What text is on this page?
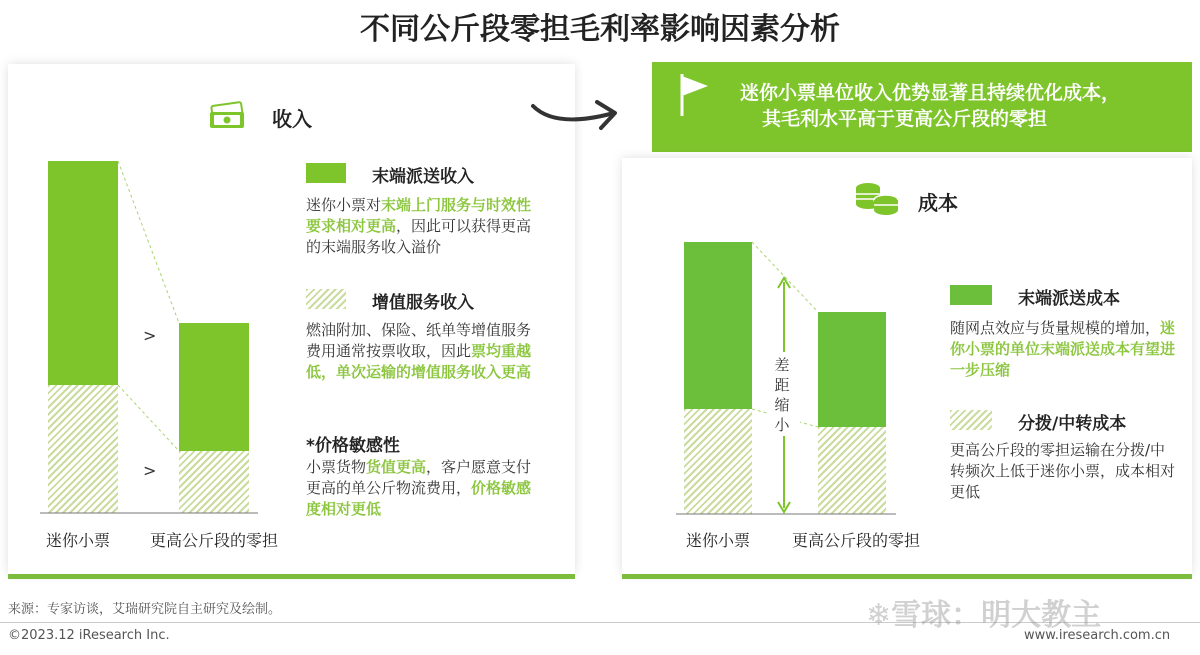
不同公斤段零担毛利率影响因素分析
收入
>
>
迷你小票 更高公斤段的零担
末端派送收入
迷你小票对末端上门服务与时效性要求相对更高，因此可以获得更高的末端服务收入溢价
增值服务收入
燃油附加、保险、纸单等增值服务费用通常按票收取，因此票均重越低，单次运输的增值服务收入更高
*价格敏感性
小票货物货值更高，客户愿意支付更高的单公斤物流费用，价格敏感度相对更低
迷你小票单位收入优势显著且持续优化成本，
其毛利水平高于更高公斤段的零担
成本
差距缩小
迷你小票	更高公斤段的零担
末端派送成本
随网点效应与货量规模的增加，迷你小票的单位末端派送成本有望进一步压缩
分拨/中转成本
更高公斤段的零担运输在分拨/中转频次上低于迷你小票，成本相对更低
来源：专家访谈，艾瑞研究院自主研究及绘制。
©2023.12 iResearch Inc.
❄雪球：明大教主
www.iresearch.com.cn
